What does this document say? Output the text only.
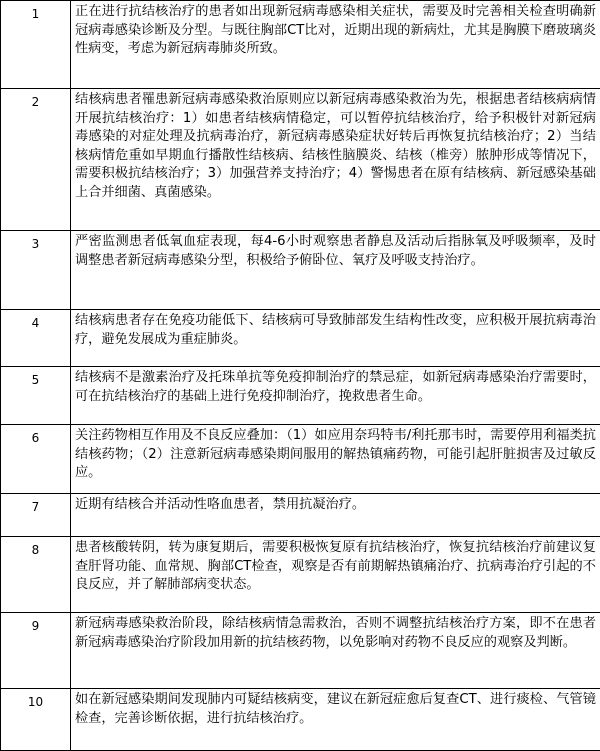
1	正在进行抗结核治疗的患者如出现新冠病毒感染相关症状，需要及时完善相关检查明确新冠病毒感染诊断及分型。与既往胸部CT比对，近期出现的新病灶，尤其是胸膜下磨玻璃炎性病变，考虑为新冠病毒肺炎所致。
2	结核病患者罹患新冠病毒感染救治原则应以新冠病毒感染救治为先，根据患者结核病病情开展抗结核治疗：1）如患者结核病情稳定，可以暂停抗结核治疗，给予积极针对新冠病毒感染的对症处理及抗病毒治疗，新冠病毒感染症状好转后再恢复抗结核治疗；2）当结核病情危重如早期血行播散性结核病、结核性脑膜炎、结核（椎旁）脓肿形成等情况下，需要积极抗结核治疗；3）加强营养支持治疗；4）警惕患者在原有结核病、新冠感染基础上合并细菌、真菌感染。
3	严密监测患者低氧血症表现，每4-6小时观察患者静息及活动后指脉氧及呼吸频率，及时调整患者新冠病毒感染分型，积极给予俯卧位、氧疗及呼吸支持治疗。
4	结核病患者存在免疫功能低下、结核病可导致肺部发生结构性改变，应积极开展抗病毒治疗，避免发展成为重症肺炎。
5	结核病不是激素治疗及托珠单抗等免疫抑制治疗的禁忌症，如新冠病毒感染治疗需要时，可在抗结核治疗的基础上进行免疫抑制治疗，挽救患者生命。
6	关注药物相互作用及不良反应叠加：（1）如应用奈玛特韦/利托那韦时，需要停用利福类抗结核药物；（2）注意新冠病毒感染期间服用的解热镇痛药物，可能引起肝脏损害及过敏反应。
7	近期有结核合并活动性咯血患者，禁用抗凝治疗。
8	患者核酸转阴，转为康复期后，需要积极恢复原有抗结核治疗，恢复抗结核治疗前建议复查肝肾功能、血常规、胸部CT检查，观察是否有前期解热镇痛治疗、抗病毒治疗引起的不良反应，并了解肺部病变状态。
9	新冠病毒感染救治阶段，除结核病情急需救治，否则不调整抗结核治疗方案，即不在患者新冠病毒感染治疗阶段加用新的抗结核药物，以免影响对药物不良反应的观察及判断。
10	如在新冠感染期间发现肺内可疑结核病变，建议在新冠症愈后复查CT、进行痰检、气管镜检查，完善诊断依据，进行抗结核治疗。
